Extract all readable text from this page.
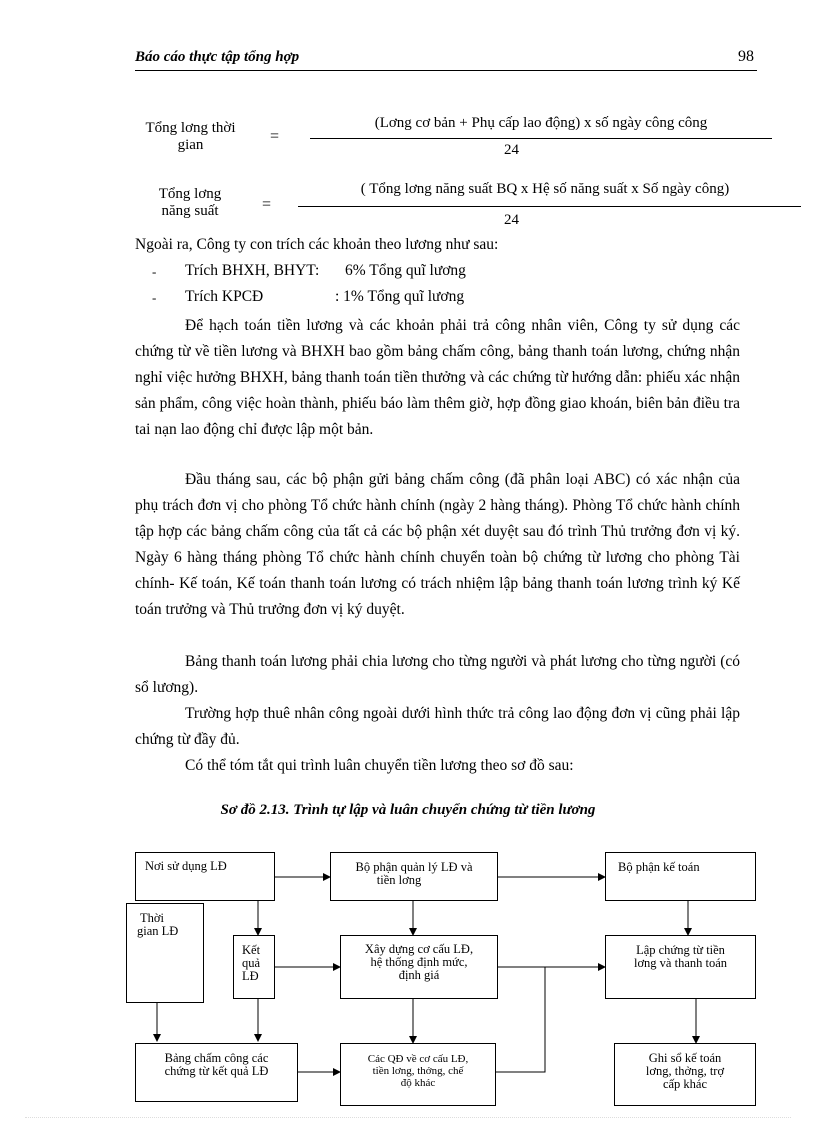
Báo cáo thực tập tổng hợp	98
Tổng lơng thời
gian	=
(Lơng cơ bản + Phụ cấp lao động) x số ngày công công
24
Tổng lơng
năng suất	=
( Tổng lơng năng suất BQ x Hệ số năng suất x Số ngày công)
24
Ngoài ra, Công ty con trích các khoản theo lương như sau:
- Trích BHXH, BHYT: 6% Tổng quĩ lương
- Trích KPCĐ	: 1% Tổng quĩ lương
Để hạch toán tiền lương và các khoản phải trả công nhân viên, Công ty sử dụng các chứng từ về tiền lương và BHXH bao gồm bảng chấm công, bảng thanh toán lương, chứng nhận nghỉ việc hưởng BHXH, bảng thanh toán tiền thưởng và các chứng từ hướng dẫn: phiếu xác nhận sản phẩm, công việc hoàn thành, phiếu báo làm thêm giờ, hợp đồng giao khoán, biên bản điều tra tai nạn lao động chỉ được lập một bản.
Đầu tháng sau, các bộ phận gửi bảng chấm công (đã phân loại ABC) có xác nhận của phụ trách đơn vị cho phòng Tổ chức hành chính (ngày 2 hàng tháng). Phòng Tổ chức hành chính tập hợp các bảng chấm công của tất cả các bộ phận xét duyệt sau đó trình Thủ trưởng đơn vị ký. Ngày 6 hàng tháng phòng Tổ chức hành chính chuyển toàn bộ chứng từ lương cho phòng Tài chính- Kế toán, Kế toán thanh toán lương có trách nhiệm lập bảng thanh toán lương trình ký Kế toán trưởng và Thủ trưởng đơn vị ký duyệt.
Bảng thanh toán lương phải chia lương cho từng người và phát lương cho từng người (có sổ lương).
Trường hợp thuê nhân công ngoài dưới hình thức trả công lao động đơn vị cũng phải lập chứng từ đầy đủ.
Có thể tóm tắt qui trình luân chuyển tiền lương theo sơ đồ sau:
Sơ đồ 2.13. Trình tự lập và luân chuyển chứng từ tiền lương
Nơi sử dụng LĐ	Bộ phận quản lý LĐ và
tiền lơng
Bộ phận kế toán
Thời
gian LĐ
Kết
quả
LĐ
Xây dựng cơ cấu LĐ,
hệ thống định mức,
định giá
Lập chứng từ tiền
lơng và thanh toán
Bảng chấm công các
chứng từ kết quả LĐ
Các QĐ về cơ cấu LĐ,
tiền lơng, thởng, chế
độ khác
Ghi sổ kế toán
lơng, thởng, trợ
cấp khác
